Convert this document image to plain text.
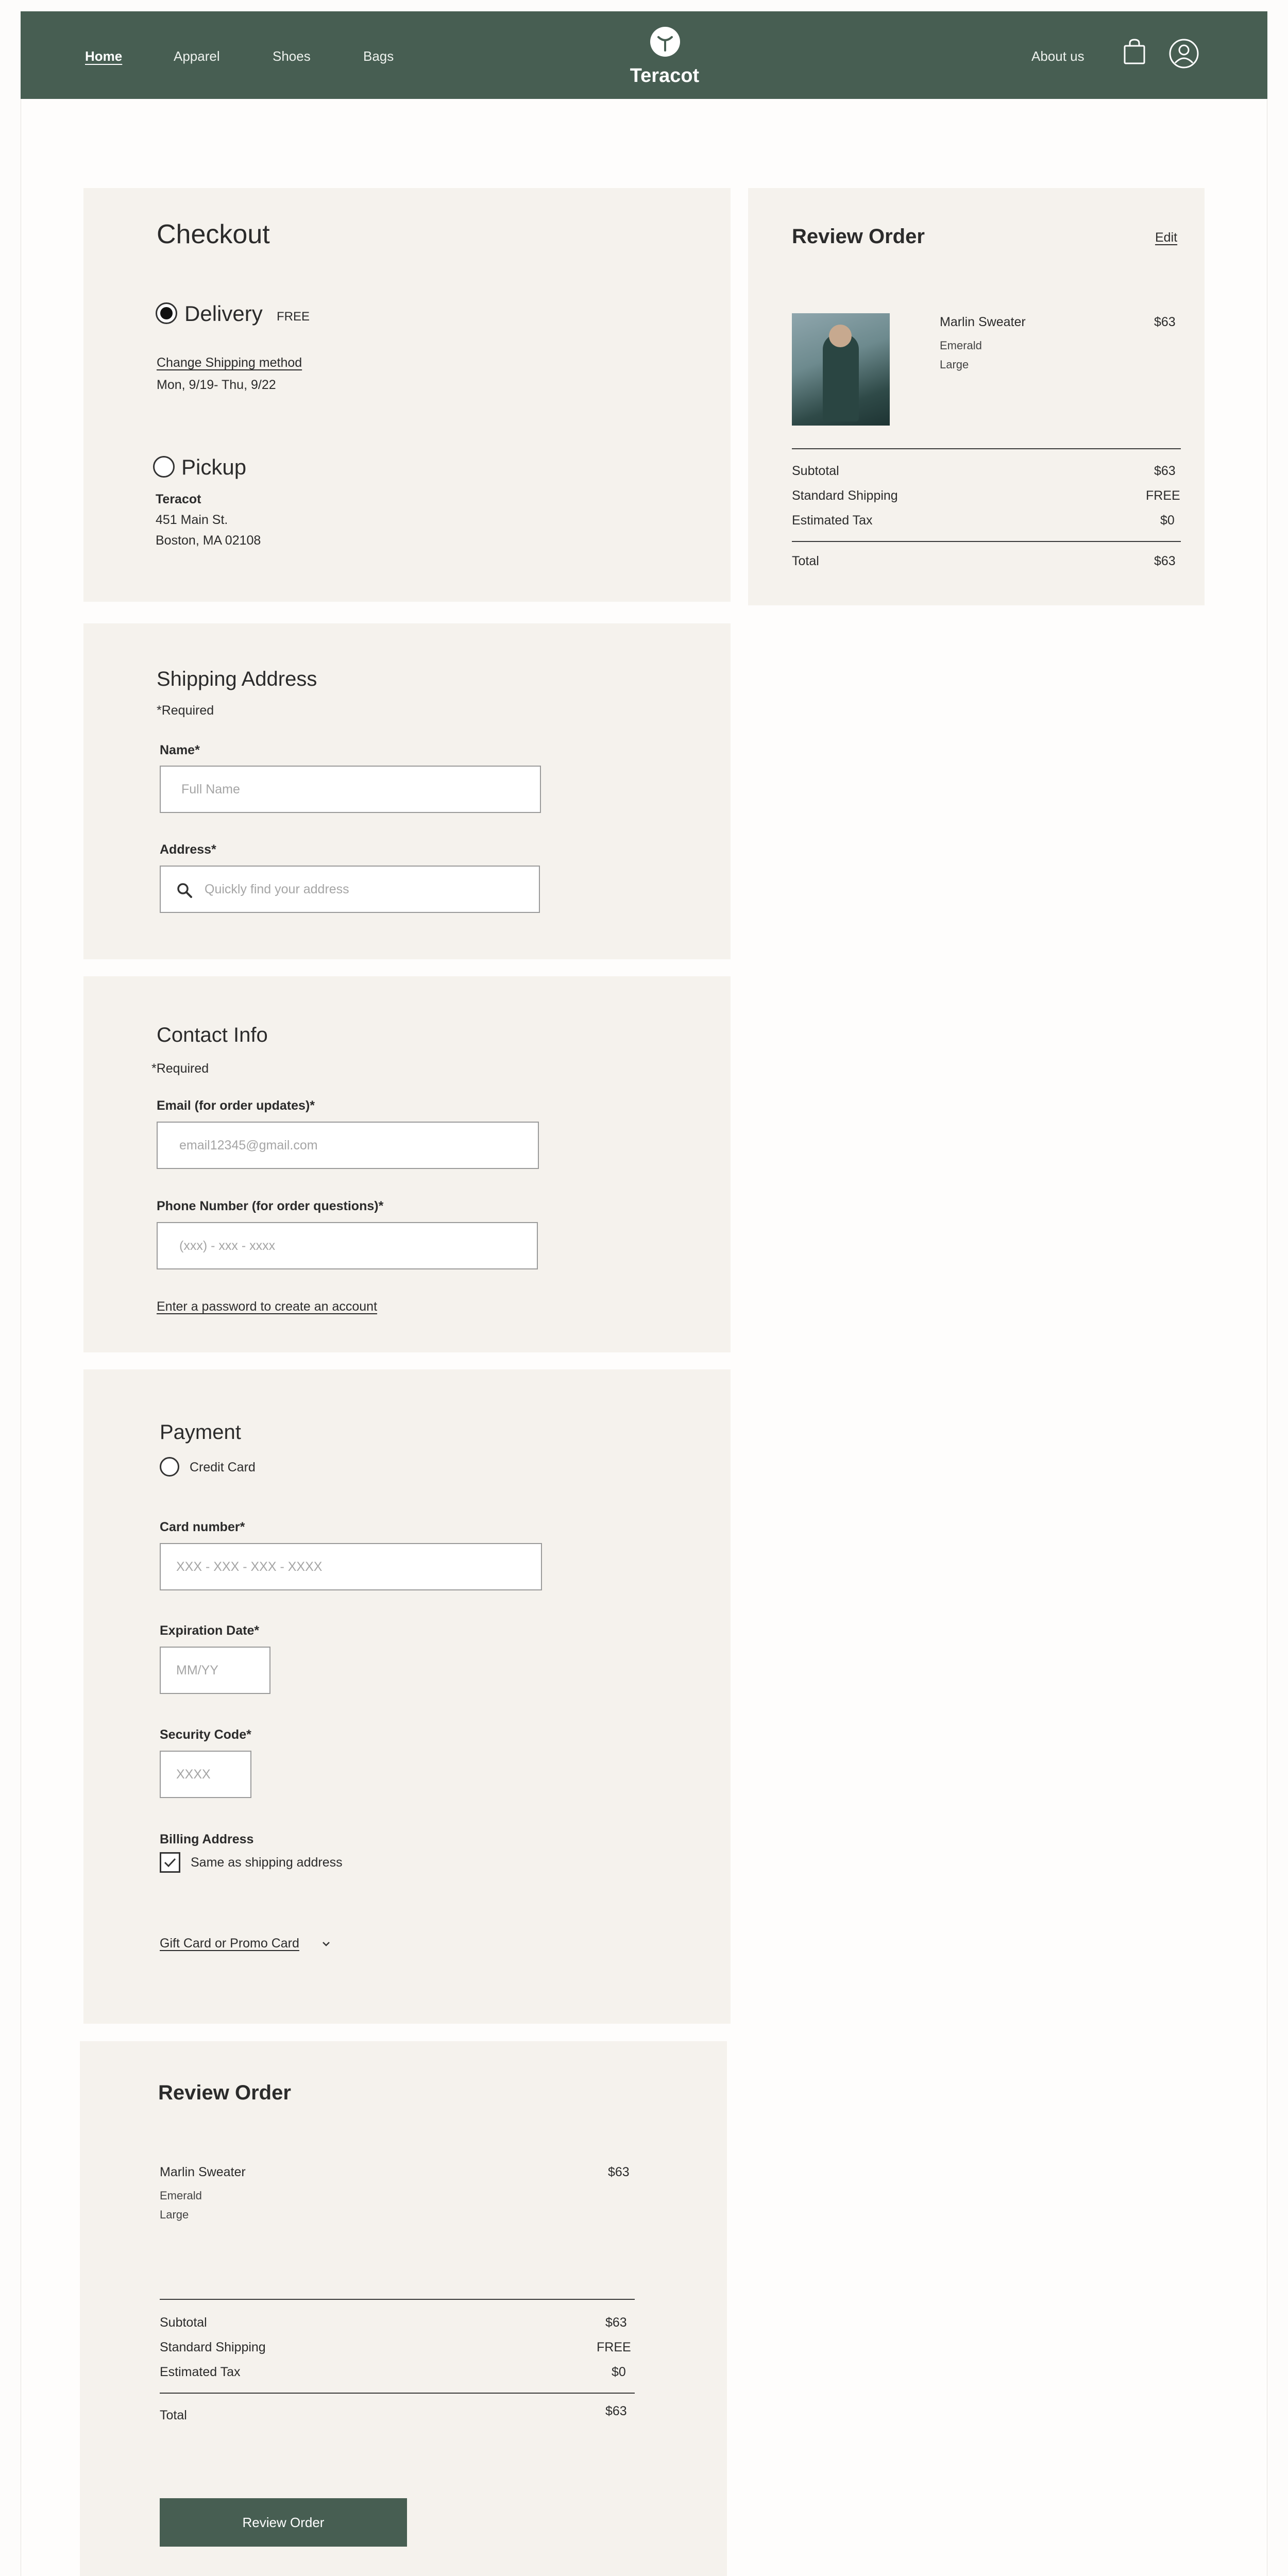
Home	Apparel	Shoes	Bags
Teracot
About us
Checkout
Delivery FREE
Change Shipping method
Mon, 9/19- Thu, 9/22
Pickup
Teracot
451 Main St.
Boston, MA 02108
Review Order	Edit
Marlin Sweater	$63
Emerald
Large
Subtotal	$63
Standard Shipping	FREE
Estimated Tax	$0
Total	$63
Shipping Address
*Required
Name*
Full Name
Address*
Quickly find your address
Contact Info
*Required
Email (for order updates)*
email12345@gmail.com
Phone Number (for order questions)*
(xxx) - xxx - xxxx
Enter a password to create an account
Payment
Credit Card
Card number*
XXX - XXX - XXX - XXXX
Expiration Date*
MM/YY
Security Code*
XXXX
Billing Address
Same as shipping address
Gift Card or Promo Card
Review Order
Marlin Sweater	$63
Emerald
Large
Subtotal	$63
Standard Shipping	FREE
Estimated Tax	$0
Total	$63
Review Order
